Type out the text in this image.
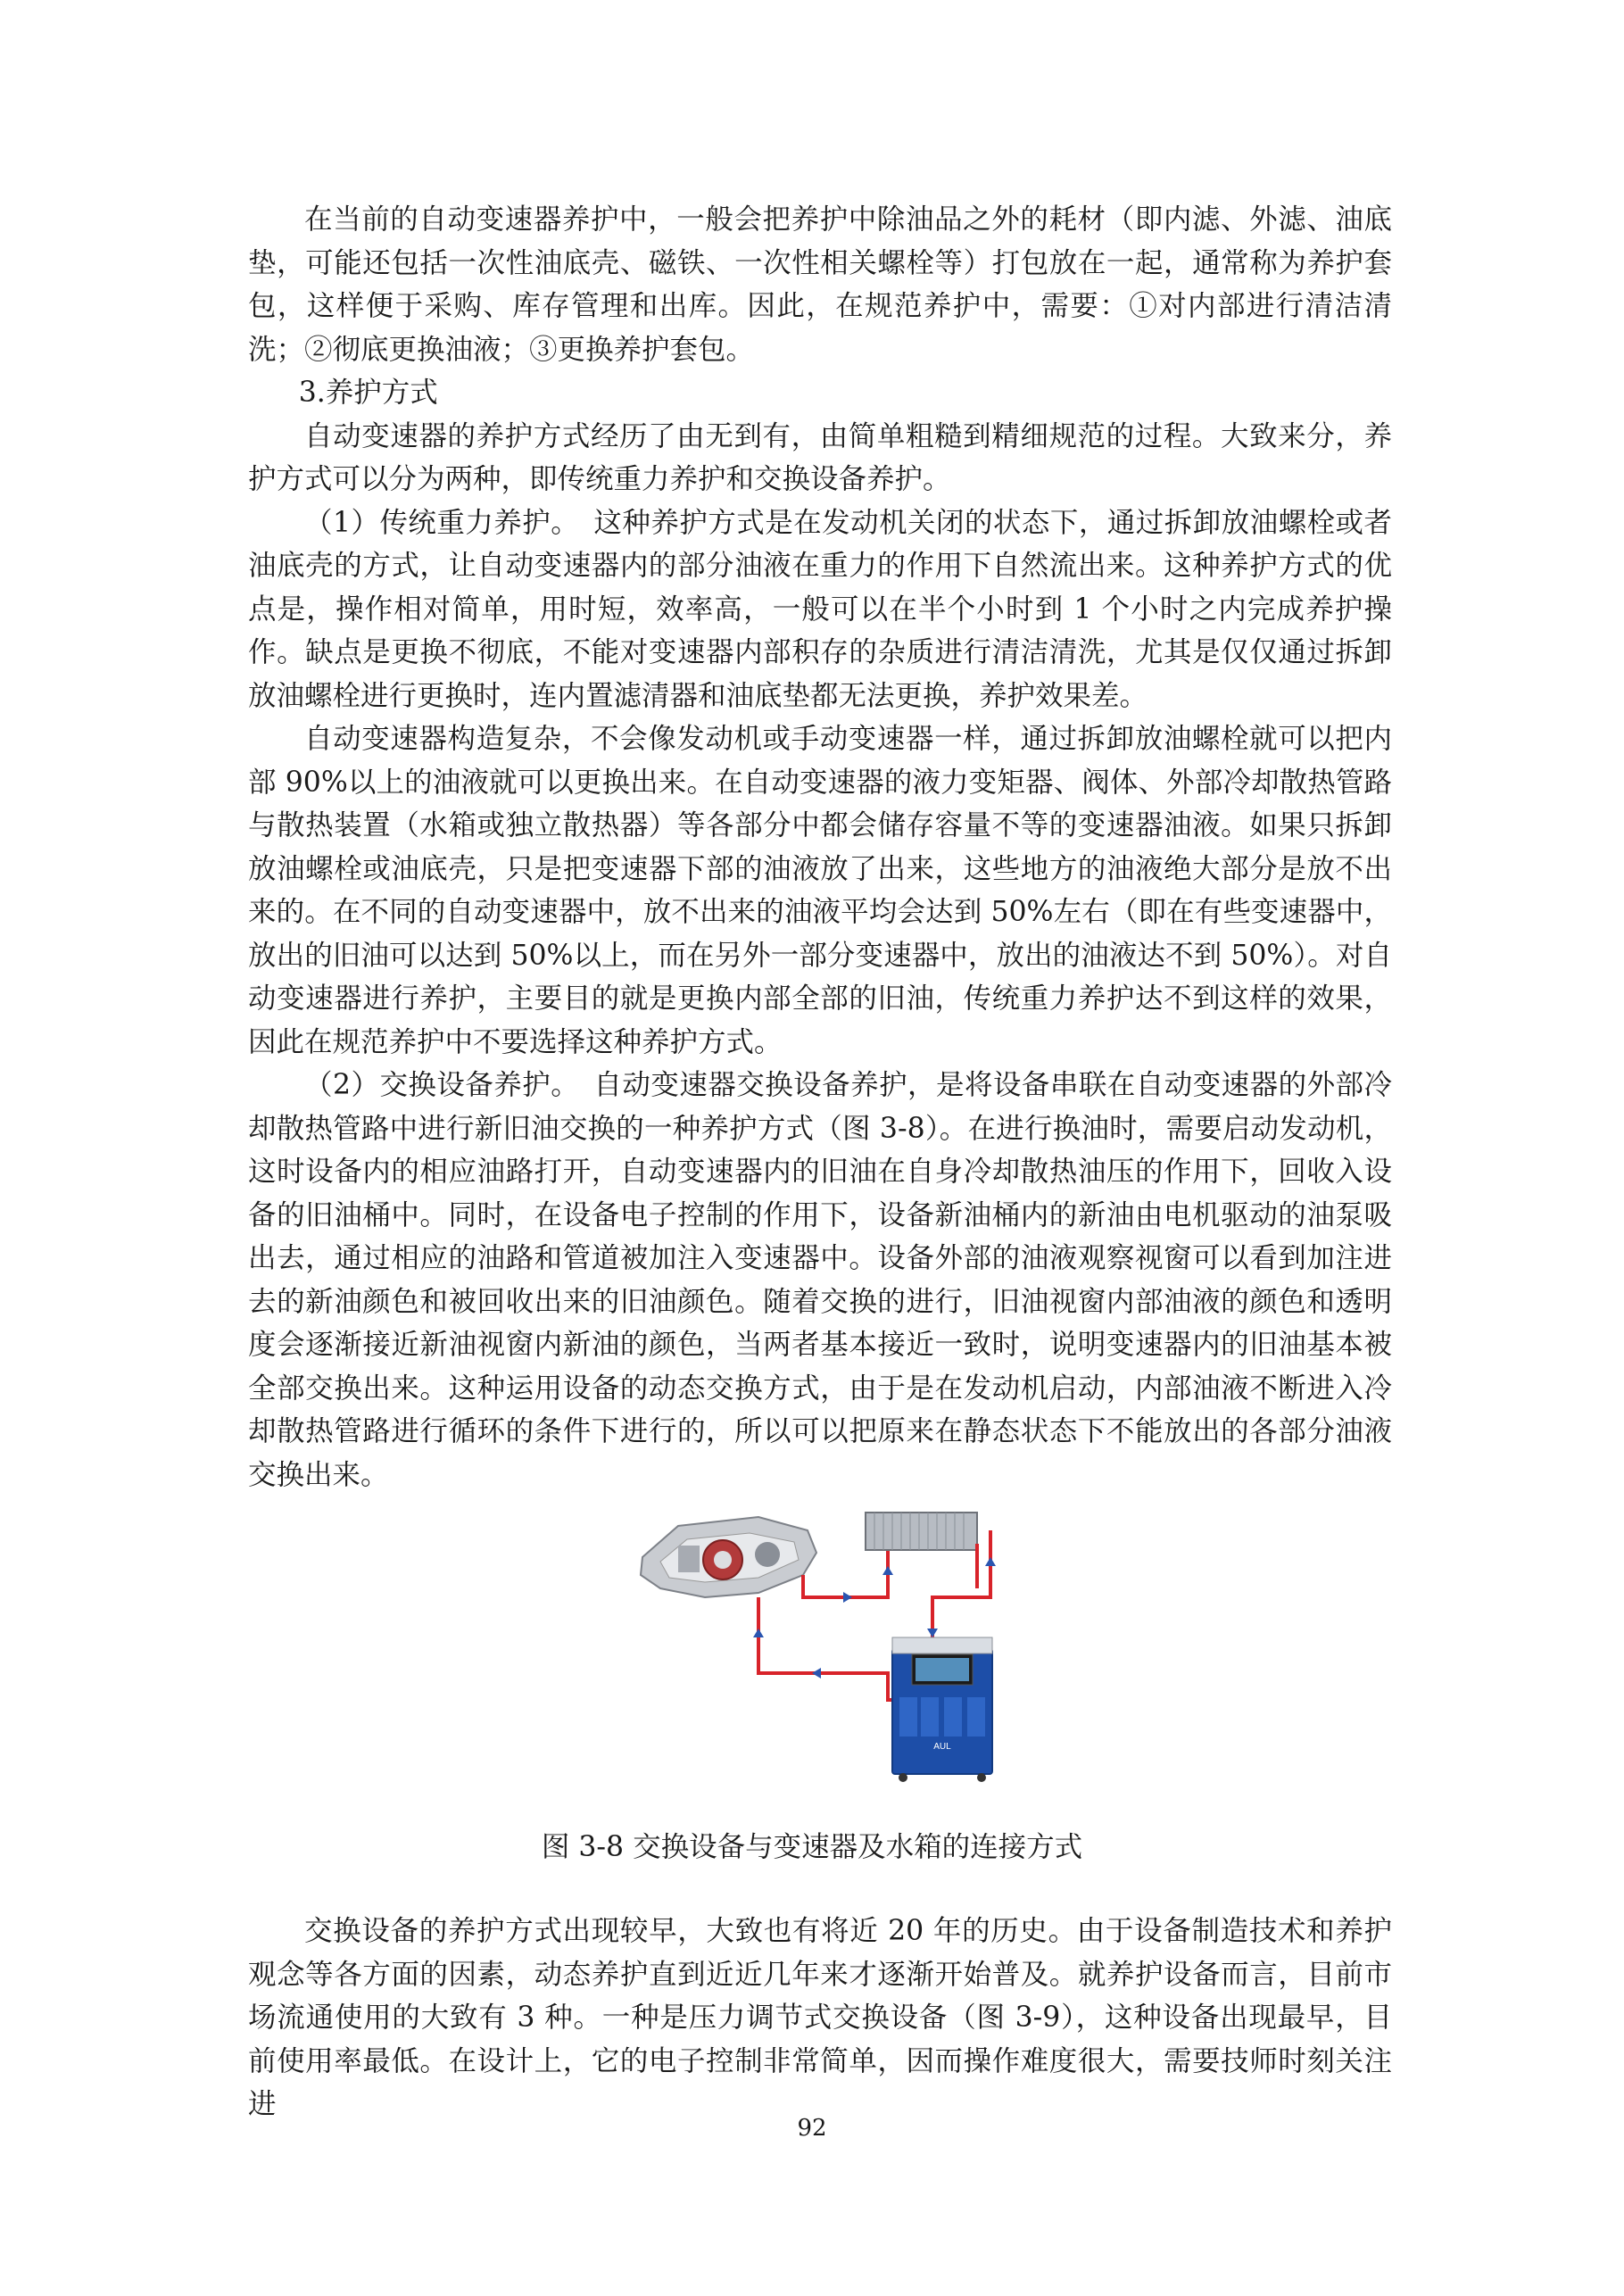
在当前的自动变速器养护中，一般会把养护中除油品之外的耗材（即内滤、外滤、油底垫，可能还包括一次性油底壳、磁铁、一次性相关螺栓等）打包放在一起，通常称为养护套包，这样便于采购、库存管理和出库。因此，在规范养护中，需要：①对内部进行清洁清洗；②彻底更换油液；③更换养护套包。

3.养护方式

自动变速器的养护方式经历了由无到有，由简单粗糙到精细规范的过程。大致来分，养护方式可以分为两种，即传统重力养护和交换设备养护。

（1）传统重力养护。　这种养护方式是在发动机关闭的状态下，通过拆卸放油螺栓或者油底壳的方式，让自动变速器内的部分油液在重力的作用下自然流出来。这种养护方式的优点是，操作相对简单，用时短，效率高，一般可以在半个小时到 1 个小时之内完成养护操作。缺点是更换不彻底，不能对变速器内部积存的杂质进行清洁清洗，尤其是仅仅通过拆卸放油螺栓进行更换时，连内置滤清器和油底垫都无法更换，养护效果差。

自动变速器构造复杂，不会像发动机或手动变速器一样，通过拆卸放油螺栓就可以把内部 90%以上的油液就可以更换出来。在自动变速器的液力变矩器、阀体、外部冷却散热管路与散热装置（水箱或独立散热器）等各部分中都会储存容量不等的变速器油液。如果只拆卸放油螺栓或油底壳，只是把变速器下部的油液放了出来，这些地方的油液绝大部分是放不出来的。在不同的自动变速器中，放不出来的油液平均会达到 50%左右（即在有些变速器中，放出的旧油可以达到 50%以上，而在另外一部分变速器中，放出的油液达不到 50%）。对自动变速器进行养护，主要目的就是更换内部全部的旧油，传统重力养护达不到这样的效果，因此在规范养护中不要选择这种养护方式。

（2）交换设备养护。　自动变速器交换设备养护，是将设备串联在自动变速器的外部冷却散热管路中进行新旧油交换的一种养护方式（图 3-8）。在进行换油时，需要启动发动机，这时设备内的相应油路打开，自动变速器内的旧油在自身冷却散热油压的作用下，回收入设备的旧油桶中。同时，在设备电子控制的作用下，设备新油桶内的新油由电机驱动的油泵吸出去，通过相应的油路和管道被加注入变速器中。设备外部的油液观察视窗可以看到加注进去的新油颜色和被回收出来的旧油颜色。随着交换的进行，旧油视窗内部油液的颜色和透明度会逐渐接近新油视窗内新油的颜色，当两者基本接近一致时，说明变速器内的旧油基本被全部交换出来。这种运用设备的动态交换方式，由于是在发动机启动，内部油液不断进入冷却散热管路进行循环的条件下进行的，所以可以把原来在静态状态下不能放出的各部分油液交换出来。

AUL
图 3-8 交换设备与变速器及水箱的连接方式

交换设备的养护方式出现较早，大致也有将近 20 年的历史。由于设备制造技术和养护观念等各方面的因素，动态养护直到近近几年来才逐渐开始普及。就养护设备而言，目前市场流通使用的大致有 3 种。一种是压力调节式交换设备（图 3-9），这种设备出现最早，目前使用率最低。在设计上，它的电子控制非常简单，因而操作难度很大，需要技师时刻关注进

92
